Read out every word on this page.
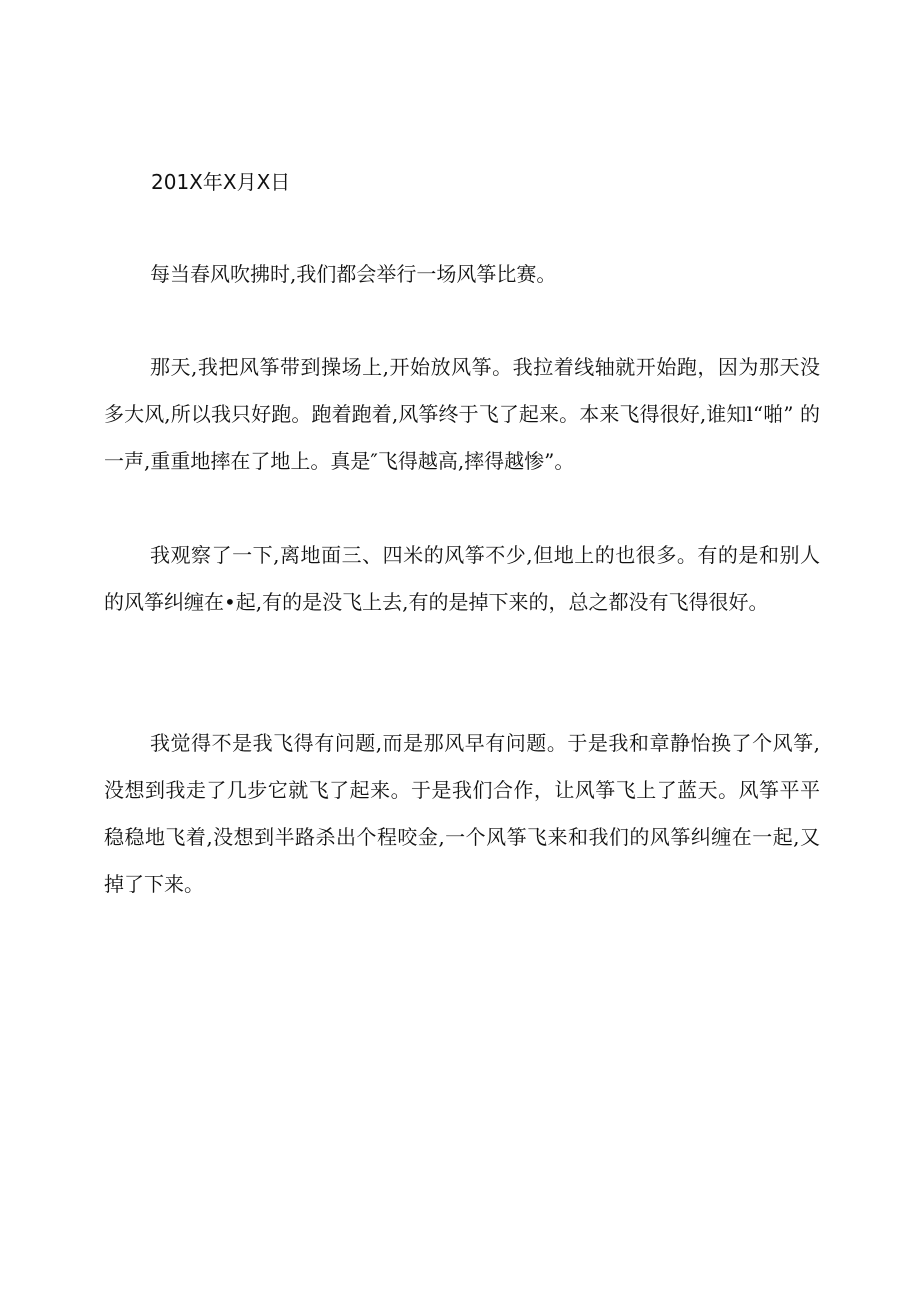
201X年X月X日

每当春风吹拂时,我们都会举行一场风筝比赛。

那天,我把风筝带到操场上,开始放风筝。我拉着线轴就开始跑，因为那天没多大风,所以我只好跑。跑着跑着,风筝终于飞了起来。本来飞得很好,谁知l“啪” 的一声,重重地摔在了地上。真是″飞得越高,摔得越惨”。

我观察了一下,离地面三、四米的风筝不少,但地上的也很多。有的是和别人的风筝纠缠在•起,有的是没飞上去,有的是掉下来的，总之都没有飞得很好。

我觉得不是我飞得有问题,而是那风早有问题。于是我和章静怡换了个风筝,没想到我走了几步它就飞了起来。于是我们合作，让风筝飞上了蓝天。风筝平平稳稳地飞着,没想到半路杀出个程咬金,一个风筝飞来和我们的风筝纠缠在一起,又掉了下来。
